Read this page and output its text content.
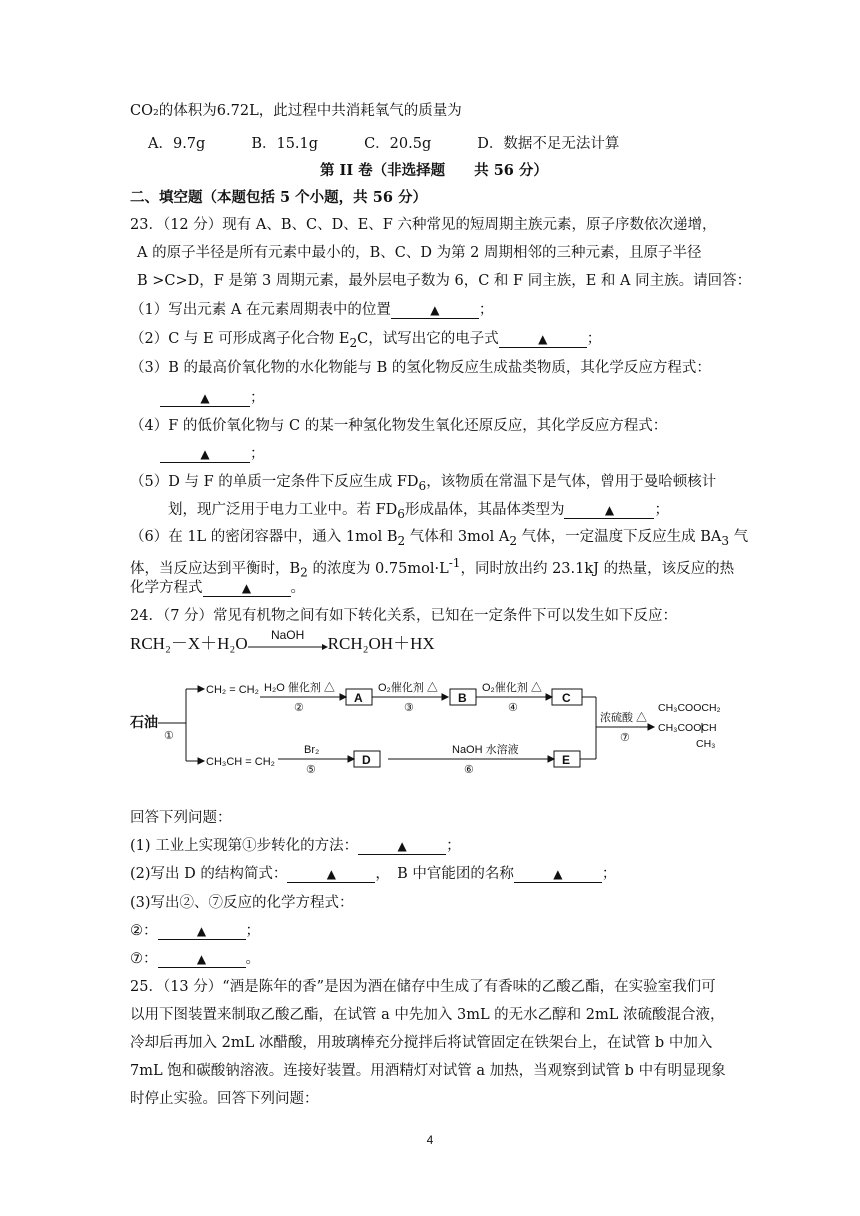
CO₂的体积为6.72L，此过程中共消耗氧气的质量为
A．9.7g	B．15.1g	C．20.5g	D．数据不足无法计算
第 II 卷（非选择题　　共 56 分）
二、填空题（本题包括 5 个小题，共 56 分）
23．（12 分）现有 A、B、C、D、E、F 六种常见的短周期主族元素，原子序数依次递增，
A 的原子半径是所有元素中最小的，B、C、D 为第 2 周期相邻的三种元素，且原子半径
B >C>D，F 是第 3 周期元素，最外层电子数为 6，C 和 F 同主族，E 和 A 同主族。请回答：
（1）写出元素 A 在元素周期表中的位置	▲	；
（2）C 与 E 可形成离子化合物 $E_2C$，试写出它的电子式	▲	；
（3）B 的最高价氧化物的水化物能与 B 的氢化物反应生成盐类物质，其化学反应方程式：
▲	；
（4）F 的低价氧化物与 C 的某一种氢化物发生氧化还原反应，其化学反应方程式：
▲	；
（5）D 与 F 的单质一定条件下反应生成 $FD_6$，该物质在常温下是气体，曾用于曼哈顿核计
划，现广泛用于电力工业中。若 $FD_6$形成晶体，其晶体类型为	▲	；
（6）在 1L 的密闭容器中，通入 1mol $B_2$ 气体和 3mol $A_2$ 气体，一定温度下反应生成 $BA_3$ 气
体，当反应达到平衡时，$B_2$ 的浓度为 $0.75mol\cdot L^{-1}$，同时放出约 23.1kJ 的热量，该反应的热
化学方程式	▲	。
24．（7 分）常见有机物之间有如下转化关系，已知在一定条件下可以发生如下反应：
RCH₂－X＋H₂O	NaOH	RCH₂OH＋HX
石油
①
CH₂ = CH₂
CH₃CH = CH₂
H₂O 催化剂 △
②
O₂催化剂 △
③
O₂催化剂 △
④
Br₂
⑤
NaOH 水溶液
⑥
浓硫酸 △
⑦
A	B	C
D	E
CH₃COOCH₂
CH₃COOCH
CH₃
回答下列问题：
(1) 工业上实现第①步转化的方法：	▲	；
(2)写出 D 的结构简式：	▲	，　B 中官能团的名称	▲	；
(3)写出②、⑦反应的化学方程式：
②：	▲	；
⑦：	▲	。
25．（13 分）“酒是陈年的香”是因为酒在储存中生成了有香味的乙酸乙酯，在实验室我们可
以用下图装置来制取乙酸乙酯，在试管 a 中先加入 3mL 的无水乙醇和 2mL 浓硫酸混合液，
冷却后再加入 2mL 冰醋酸，用玻璃棒充分搅拌后将试管固定在铁架台上，在试管 b 中加入
7mL 饱和碳酸钠溶液。连接好装置。用酒精灯对试管 a 加热，当观察到试管 b 中有明显现象
时停止实验。回答下列问题：
4
